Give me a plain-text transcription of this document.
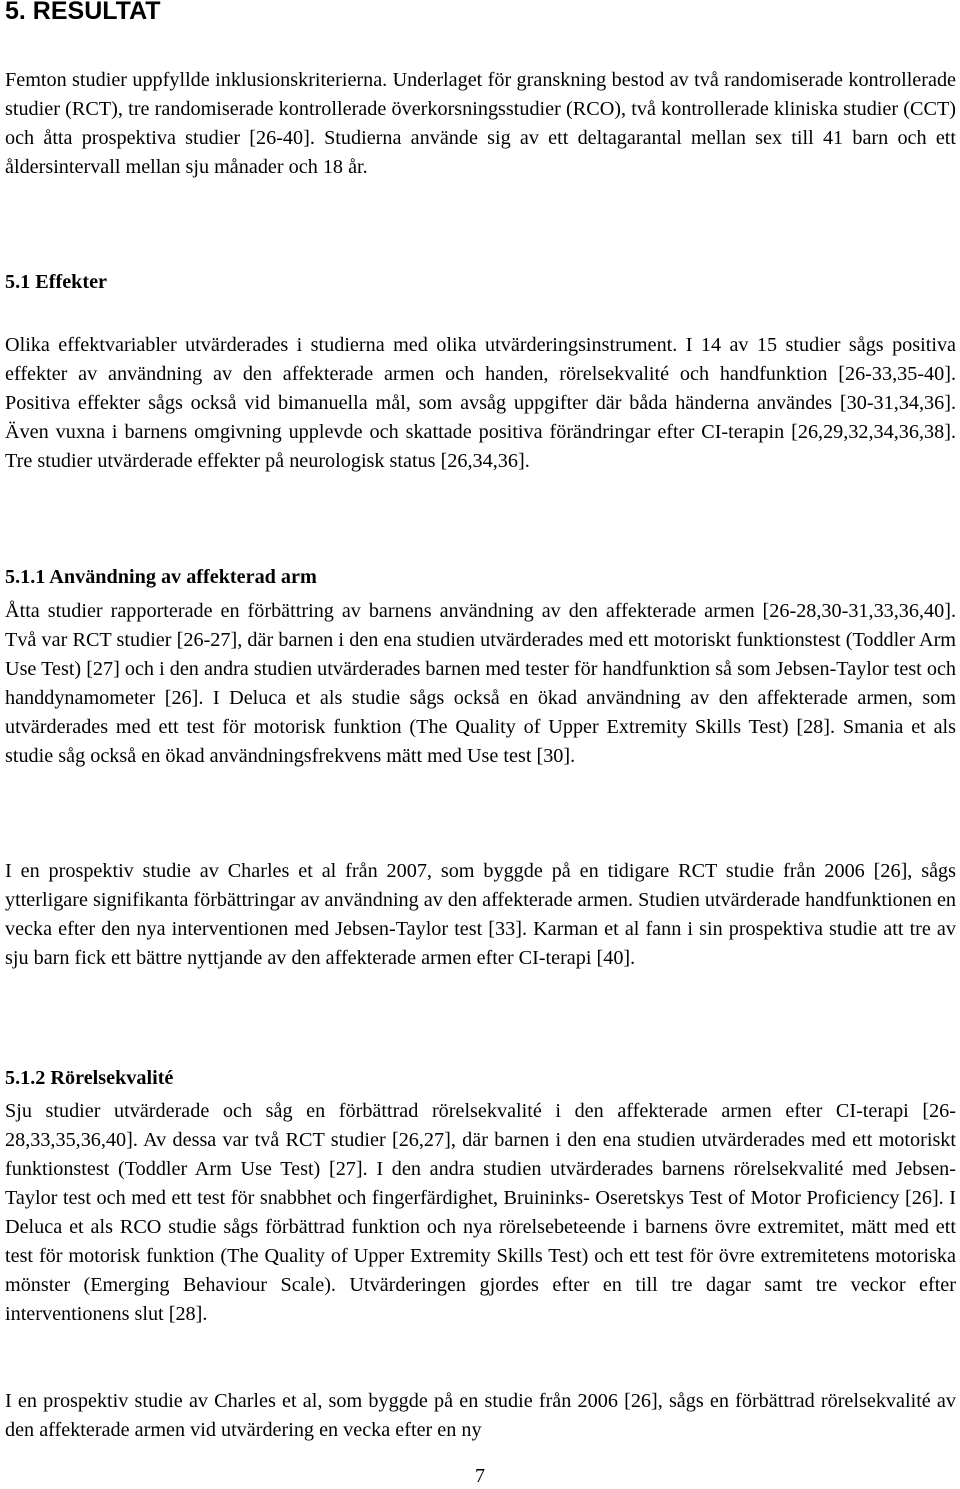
5. RESULTAT

Femton studier uppfyllde inklusionskriterierna. Underlaget för granskning bestod av två randomiserade kontrollerade studier (RCT), tre randomiserade kontrollerade överkorsningsstudier (RCO), två kontrollerade kliniska studier (CCT) och åtta prospektiva studier [26-40]. Studierna använde sig av ett deltagarantal mellan sex till 41 barn och ett åldersintervall mellan sju månader och 18 år.

5.1 Effekter

Olika effektvariabler utvärderades i studierna med olika utvärderingsinstrument. I 14 av 15 studier sågs positiva effekter av användning av den affekterade armen och handen, rörelsekvalité och handfunktion [26-33,35-40]. Positiva effekter sågs också vid bimanuella mål, som avsåg uppgifter där båda händerna användes [30-31,34,36]. Även vuxna i barnens omgivning upplevde och skattade positiva förändringar efter CI-terapin [26,29,32,34,36,38]. Tre studier utvärderade effekter på neurologisk status [26,34,36].

5.1.1 Användning av affekterad arm

Åtta studier rapporterade en förbättring av barnens användning av den affekterade armen [26-28,30-31,33,36,40]. Två var RCT studier [26-27], där barnen i den ena studien utvärderades med ett motoriskt funktionstest (Toddler Arm Use Test) [27] och i den andra studien utvärderades barnen med tester för handfunktion så som Jebsen-Taylor test och handdynamometer [26]. I Deluca et als studie sågs också en ökad användning av den affekterade armen, som utvärderades med ett test för motorisk funktion (The Quality of Upper Extremity Skills Test) [28]. Smania et als studie såg också en ökad användningsfrekvens mätt med Use test [30].

I en prospektiv studie av Charles et al från 2007, som byggde på en tidigare RCT studie från 2006 [26], sågs ytterligare signifikanta förbättringar av användning av den affekterade armen. Studien utvärderade handfunktionen en vecka efter den nya interventionen med Jebsen-Taylor test [33]. Karman et al fann i sin prospektiva studie att tre av sju barn fick ett bättre nyttjande av den affekterade armen efter CI-terapi [40].

5.1.2 Rörelsekvalité

Sju studier utvärderade och såg en förbättrad rörelsekvalité i den affekterade armen efter CI-terapi [26-28,33,35,36,40]. Av dessa var två RCT studier [26,27], där barnen i den ena studien utvärderades med ett motoriskt funktionstest (Toddler Arm Use Test) [27]. I den andra studien utvärderades barnens rörelsekvalité med Jebsen-Taylor test och med ett test för snabbhet och fingerfärdighet, Bruininks- Oseretskys Test of Motor Proficiency [26]. I Deluca et als RCO studie sågs förbättrad funktion och nya rörelsebeteende i barnens övre extremitet, mätt med ett test för motorisk funktion (The Quality of Upper Extremity Skills Test) och ett test för övre extremitetens motoriska mönster (Emerging Behaviour Scale). Utvärderingen gjordes efter en till tre dagar samt tre veckor efter interventionens slut [28].

I en prospektiv studie av Charles et al, som byggde på en studie från 2006 [26], sågs en förbättrad rörelsekvalité av den affekterade armen vid utvärdering en vecka efter en ny

7
